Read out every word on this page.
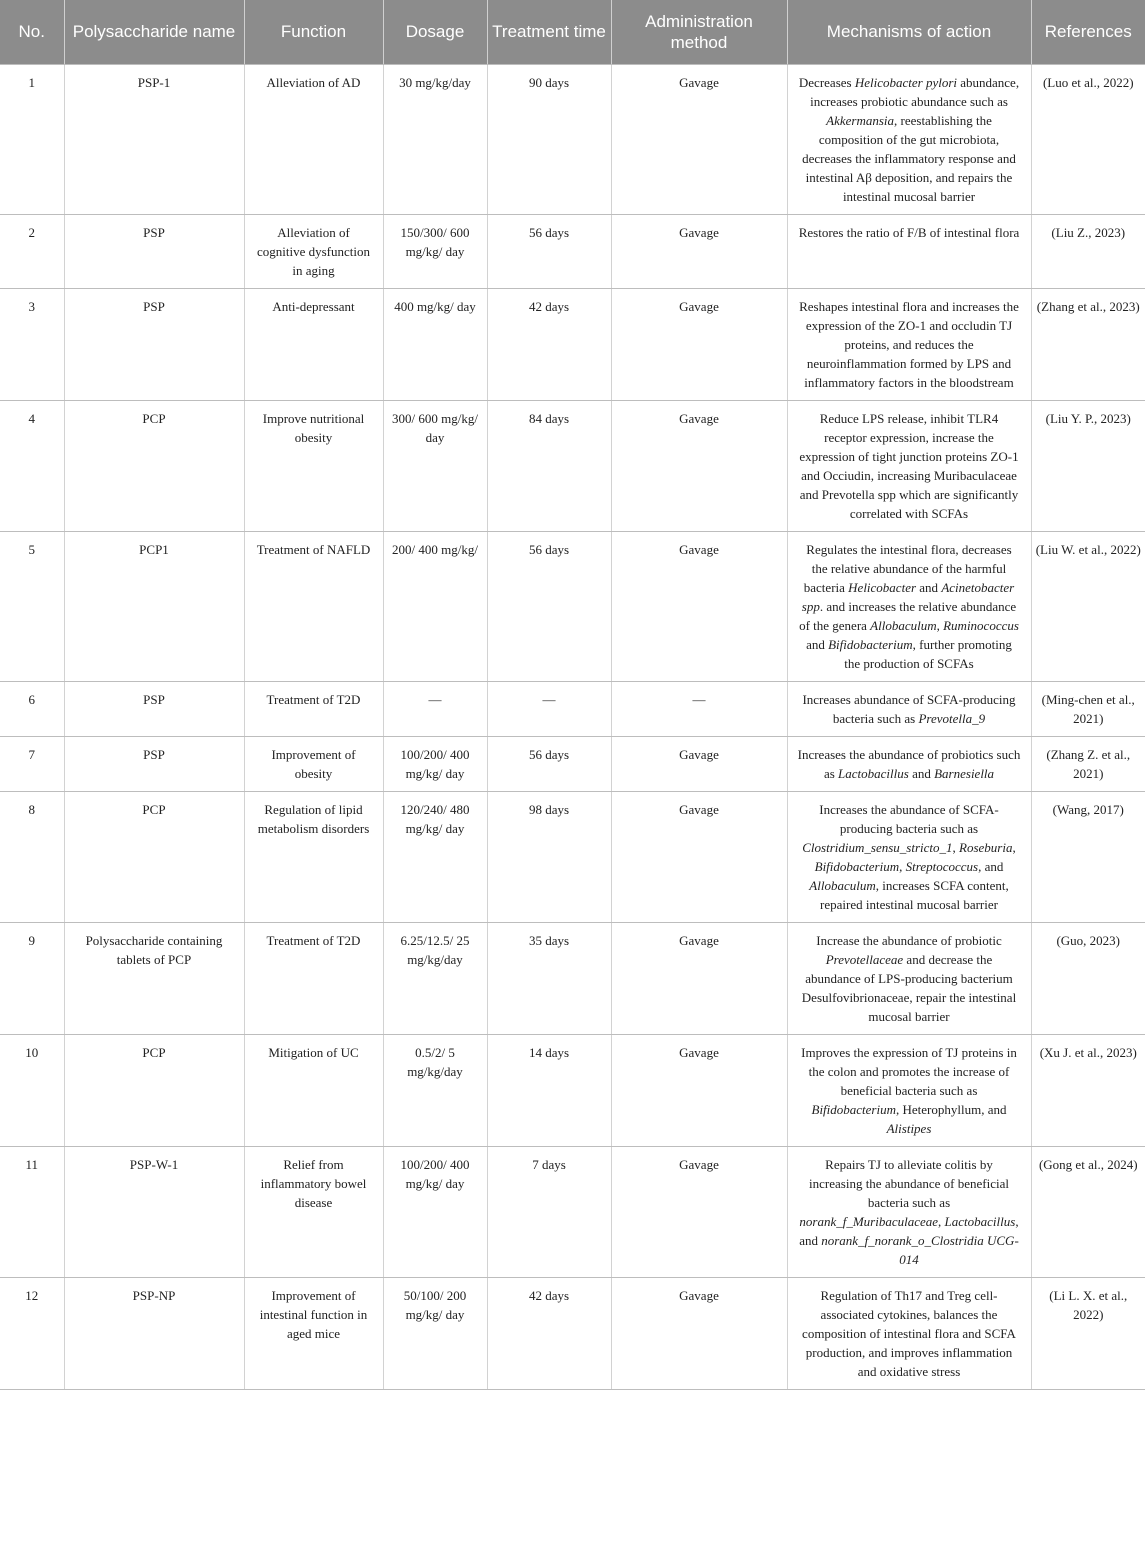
No.	Polysaccharide name	Function	Dosage	Treatment time	Administration method	Mechanisms of action	References
1	PSP-1	Alleviation of AD	30 mg/kg/day	90 days	Gavage	Decreases Helicobacter pylori abundance, increases probiotic abundance such as Akkermansia, reestablishing the composition of the gut microbiota, decreases the inflammatory response and intestinal Aβ deposition, and repairs the intestinal mucosal barrier	(Luo et al., 2022)
2	PSP	Alleviation of cognitive dysfunction in aging	150/300/ 600 mg/kg/ day	56 days	Gavage	Restores the ratio of F/B of intestinal flora	(Liu Z., 2023)
3	PSP	Anti-depressant	400 mg/kg/ day	42 days	Gavage	Reshapes intestinal flora and increases the expression of the ZO-1 and occludin TJ proteins, and reduces the neuroinflammation formed by LPS and inflammatory factors in the bloodstream	(Zhang et al., 2023)
4	PCP	Improve nutritional obesity	300/ 600 mg/kg/ day	84 days	Gavage	Reduce LPS release, inhibit TLR4 receptor expression, increase the expression of tight junction proteins ZO-1 and Occiudin, increasing Muribaculaceae and Prevotella spp which are significantly correlated with SCFAs	(Liu Y. P., 2023)
5	PCP1	Treatment of NAFLD	200/ 400 mg/kg/	56 days	Gavage	Regulates the intestinal flora, decreases the relative abundance of the harmful bacteria Helicobacter and Acinetobacter spp. and increases the relative abundance of the genera Allobaculum, Ruminococcus and Bifidobacterium, further promoting the production of SCFAs	(Liu W. et al., 2022)
6	PSP	Treatment of T2D	—	—	—	Increases abundance of SCFA-producing bacteria such as Prevotella_9	(Ming-chen et al., 2021)
7	PSP	Improvement of obesity	100/200/ 400 mg/kg/ day	56 days	Gavage	Increases the abundance of probiotics such as Lactobacillus and Barnesiella	(Zhang Z. et al., 2021)
8	PCP	Regulation of lipid metabolism disorders	120/240/ 480 mg/kg/ day	98 days	Gavage	Increases the abundance of SCFA-producing bacteria such as Clostridium_sensu_stricto_1, Roseburia, Bifidobacterium, Streptococcus, and Allobaculum, increases SCFA content, repaired intestinal mucosal barrier	(Wang, 2017)
9	Polysaccharide containing tablets of PCP	Treatment of T2D	6.25/12.5/ 25 mg/kg/day	35 days	Gavage	Increase the abundance of probiotic Prevotellaceae and decrease the abundance of LPS-producing bacterium Desulfovibrionaceae, repair the intestinal mucosal barrier	(Guo, 2023)
10	PCP	Mitigation of UC	0.5/2/ 5 mg/kg/day	14 days	Gavage	Improves the expression of TJ proteins in the colon and promotes the increase of beneficial bacteria such as Bifidobacterium, Heterophyllum, and Alistipes	(Xu J. et al., 2023)
11	PSP-W-1	Relief from inflammatory bowel disease	100/200/ 400 mg/kg/ day	7 days	Gavage	Repairs TJ to alleviate colitis by increasing the abundance of beneficial bacteria such as norank_f_Muribaculaceae, Lactobacillus, and norank_f_norank_o_Clostridia UCG-014	(Gong et al., 2024)
12	PSP-NP	Improvement of intestinal function in aged mice	50/100/ 200 mg/kg/ day	42 days	Gavage	Regulation of Th17 and Treg cell-associated cytokines, balances the composition of intestinal flora and SCFA production, and improves inflammation and oxidative stress	(Li L. X. et al., 2022)
